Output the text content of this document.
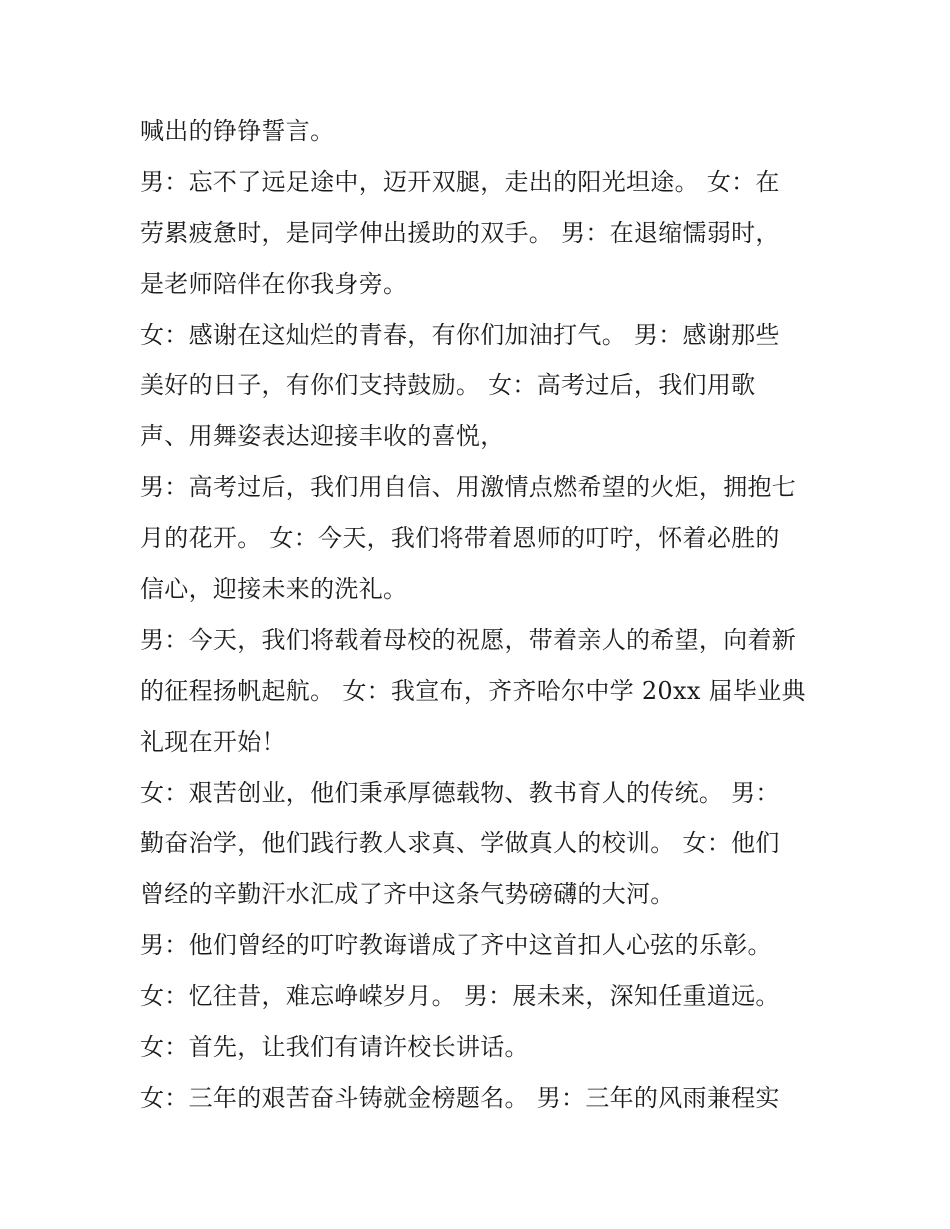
喊出的铮铮誓言。
男：忘不了远足途中，迈开双腿，走出的阳光坦途。 女：在
劳累疲惫时，是同学伸出援助的双手。 男：在退缩懦弱时，
是老师陪伴在你我身旁。
女：感谢在这灿烂的青春，有你们加油打气。 男：感谢那些
美好的日子，有你们支持鼓励。 女：高考过后，我们用歌
声、用舞姿表达迎接丰收的喜悦，
男：高考过后，我们用自信、用激情点燃希望的火炬，拥抱七
月的花开。 女：今天，我们将带着恩师的叮咛，怀着必胜的
信心，迎接未来的洗礼。
男：今天，我们将载着母校的祝愿，带着亲人的希望，向着新
的征程扬帆起航。 女：我宣布，齐齐哈尔中学 20xx 届毕业典
礼现在开始！
女：艰苦创业，他们秉承厚德载物、教书育人的传统。 男：
勤奋治学，他们践行教人求真、学做真人的校训。 女：他们
曾经的辛勤汗水汇成了齐中这条气势磅礴的大河。
男：他们曾经的叮咛教诲谱成了齐中这首扣人心弦的乐彰。
女：忆往昔，难忘峥嵘岁月。 男：展未来，深知任重道远。
女：首先，让我们有请许校长讲话。
女：三年的艰苦奋斗铸就金榜题名。 男：三年的风雨兼程实
